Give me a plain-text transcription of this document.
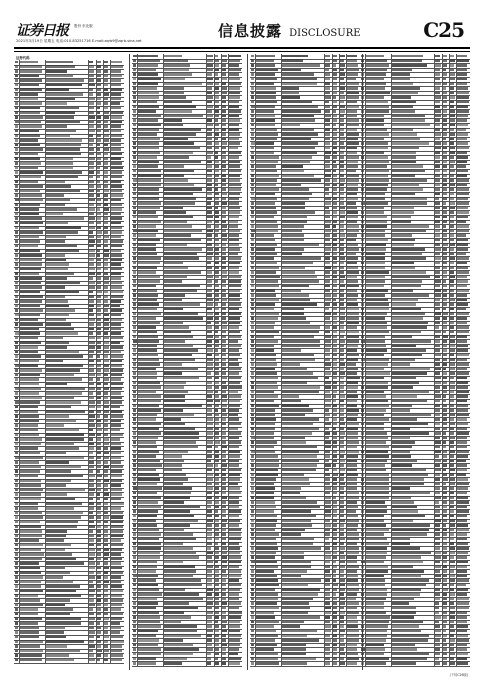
证券日报 股份 东北版
2021年3月19日 星期五 电话:010-83251716 E-mail:zqrb9@zqrb.sina.net
信息披露 DISCLOSURE	C25
证券代码
(下转C26版)
